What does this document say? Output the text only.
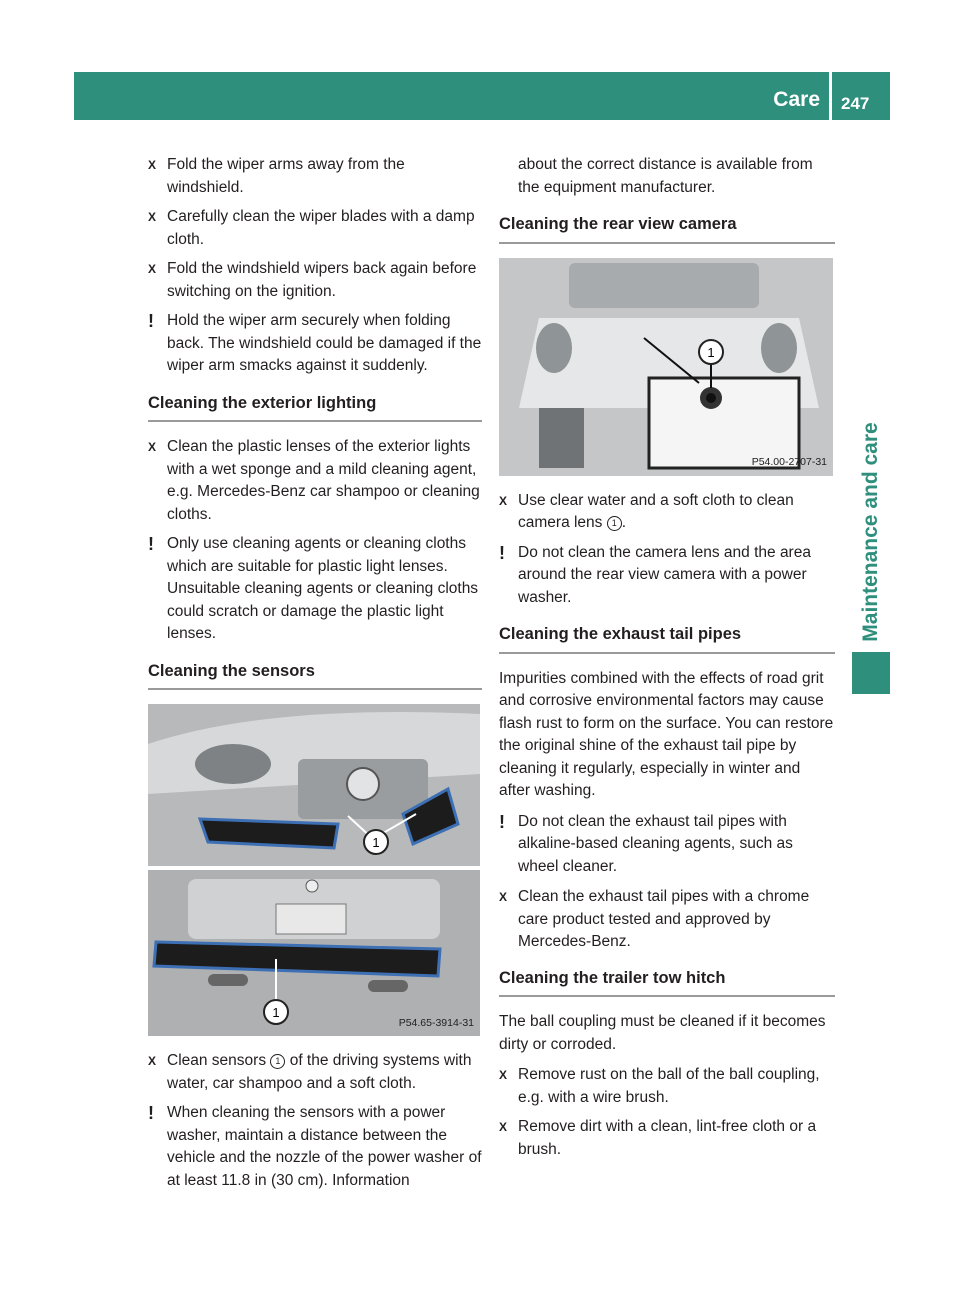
Care 247
Maintenance and care
X Fold the wiper arms away from the windshield.
X Carefully clean the wiper blades with a damp cloth.
X Fold the windshield wipers back again before switching on the ignition.
! Hold the wiper arm securely when folding back. The windshield could be damaged if the wiper arm smacks against it suddenly.
Cleaning the exterior lighting
X Clean the plastic lenses of the exterior lights with a wet sponge and a mild cleaning agent, e.g. Mercedes-Benz car shampoo or cleaning cloths.
! Only use cleaning agents or cleaning cloths which are suitable for plastic light lenses. Unsuitable cleaning agents or cleaning cloths could scratch or damage the plastic light lenses.
Cleaning the sensors
1
1
P54.65-3914-31
X Clean sensors 1 of the driving systems with water, car shampoo and a soft cloth.
! When cleaning the sensors with a power washer, maintain a distance between the vehicle and the nozzle of the power washer of at least 11.8 in (30 cm). Information
about the correct distance is available from the equipment manufacturer.
Cleaning the rear view camera
1
P54.00-2707-31
X Use clear water and a soft cloth to clean camera lens 1 .
! Do not clean the camera lens and the area around the rear view camera with a power washer.
Cleaning the exhaust tail pipes
Impurities combined with the effects of road grit and corrosive environmental factors may cause flash rust to form on the surface. You can restore the original shine of the exhaust tail pipe by cleaning it regularly, especially in winter and after washing.
! Do not clean the exhaust tail pipes with alkaline-based cleaning agents, such as wheel cleaner.
X Clean the exhaust tail pipes with a chrome care product tested and approved by Mercedes-Benz.
Cleaning the trailer tow hitch
The ball coupling must be cleaned if it becomes dirty or corroded.
X Remove rust on the ball of the ball coupling, e.g. with a wire brush.
X Remove dirt with a clean, lint-free cloth or a brush.
